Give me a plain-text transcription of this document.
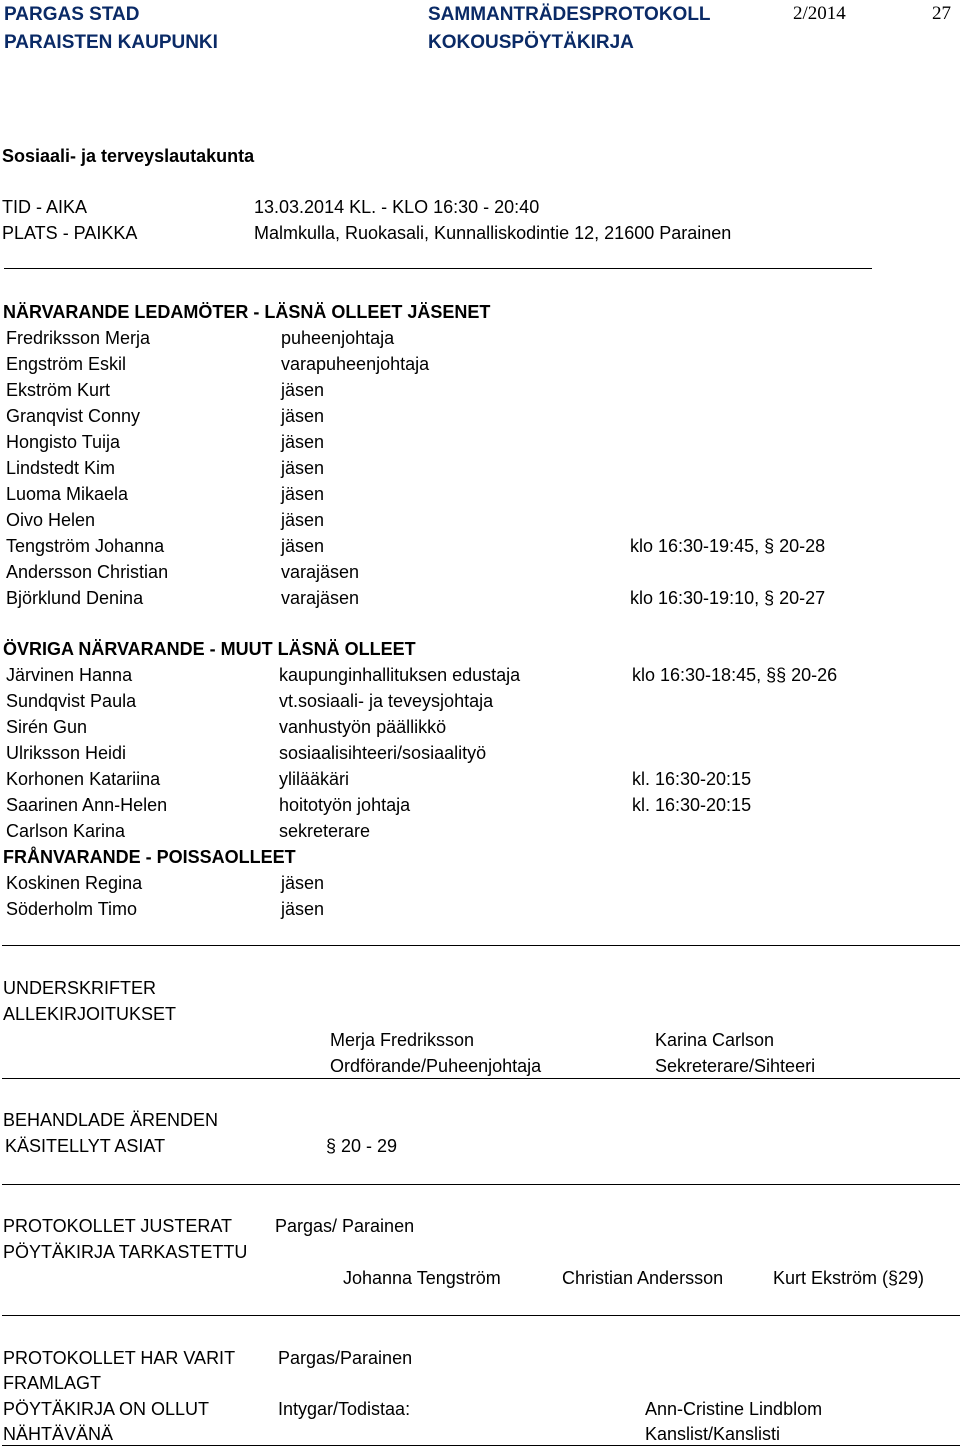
PARGAS STAD
PARAISTEN KAUPUNKI
SAMMANTRÄDESPROTOKOLL
KOKOUSPÖYTÄKIRJA
2/2014	27
Sosiaali- ja terveyslautakunta
TID - AIKA	13.03.2014 KL. - KLO 16:30 - 20:40
PLATS - PAIKKA	Malmkulla, Ruokasali, Kunnalliskodintie 12, 21600 Parainen
NÄRVARANDE LEDAMÖTER - LÄSNÄ OLLEET JÄSENET
Fredriksson Merja	puheenjohtaja
Engström Eskil	varapuheenjohtaja
Ekström Kurt	jäsen
Granqvist Conny	jäsen
Hongisto Tuija	jäsen
Lindstedt Kim	jäsen
Luoma Mikaela	jäsen
Oivo Helen	jäsen
Tengström Johanna	jäsen	klo 16:30-19:45, § 20-28
Andersson Christian	varajäsen
Björklund Denina	varajäsen	klo 16:30-19:10, § 20-27
ÖVRIGA NÄRVARANDE - MUUT LÄSNÄ OLLEET
Järvinen Hanna	kaupunginhallituksen edustaja	klo 16:30-18:45, §§ 20-26
Sundqvist Paula	vt.sosiaali- ja teveysjohtaja
Sirén Gun	vanhustyön päällikkö
Ulriksson Heidi	sosiaalisihteeri/sosiaalityö
Korhonen Katariina	ylilääkäri	kl. 16:30-20:15
Saarinen Ann-Helen	hoitotyön johtaja	kl. 16:30-20:15
Carlson Karina	sekreterare
FRÅNVARANDE - POISSAOLLEET
Koskinen Regina	jäsen
Söderholm Timo	jäsen
UNDERSKRIFTER
ALLEKIRJOITUKSET
Merja Fredriksson	Karina Carlson
Ordförande/Puheenjohtaja	Sekreterare/Sihteeri
BEHANDLADE ÄRENDEN
KÄSITELLYT ASIAT	§ 20 - 29
PROTOKOLLET JUSTERAT
PÖYTÄKIRJA TARKASTETTU
Pargas/ Parainen
Johanna Tengström	Christian Andersson	Kurt Ekström (§29)
PROTOKOLLET HAR VARIT
FRAMLAGT
PÖYTÄKIRJA ON OLLUT
NÄHTÄVÄNÄ
Pargas/Parainen
Intygar/Todistaa:	Ann-Cristine Lindblom
Kanslist/Kanslisti
